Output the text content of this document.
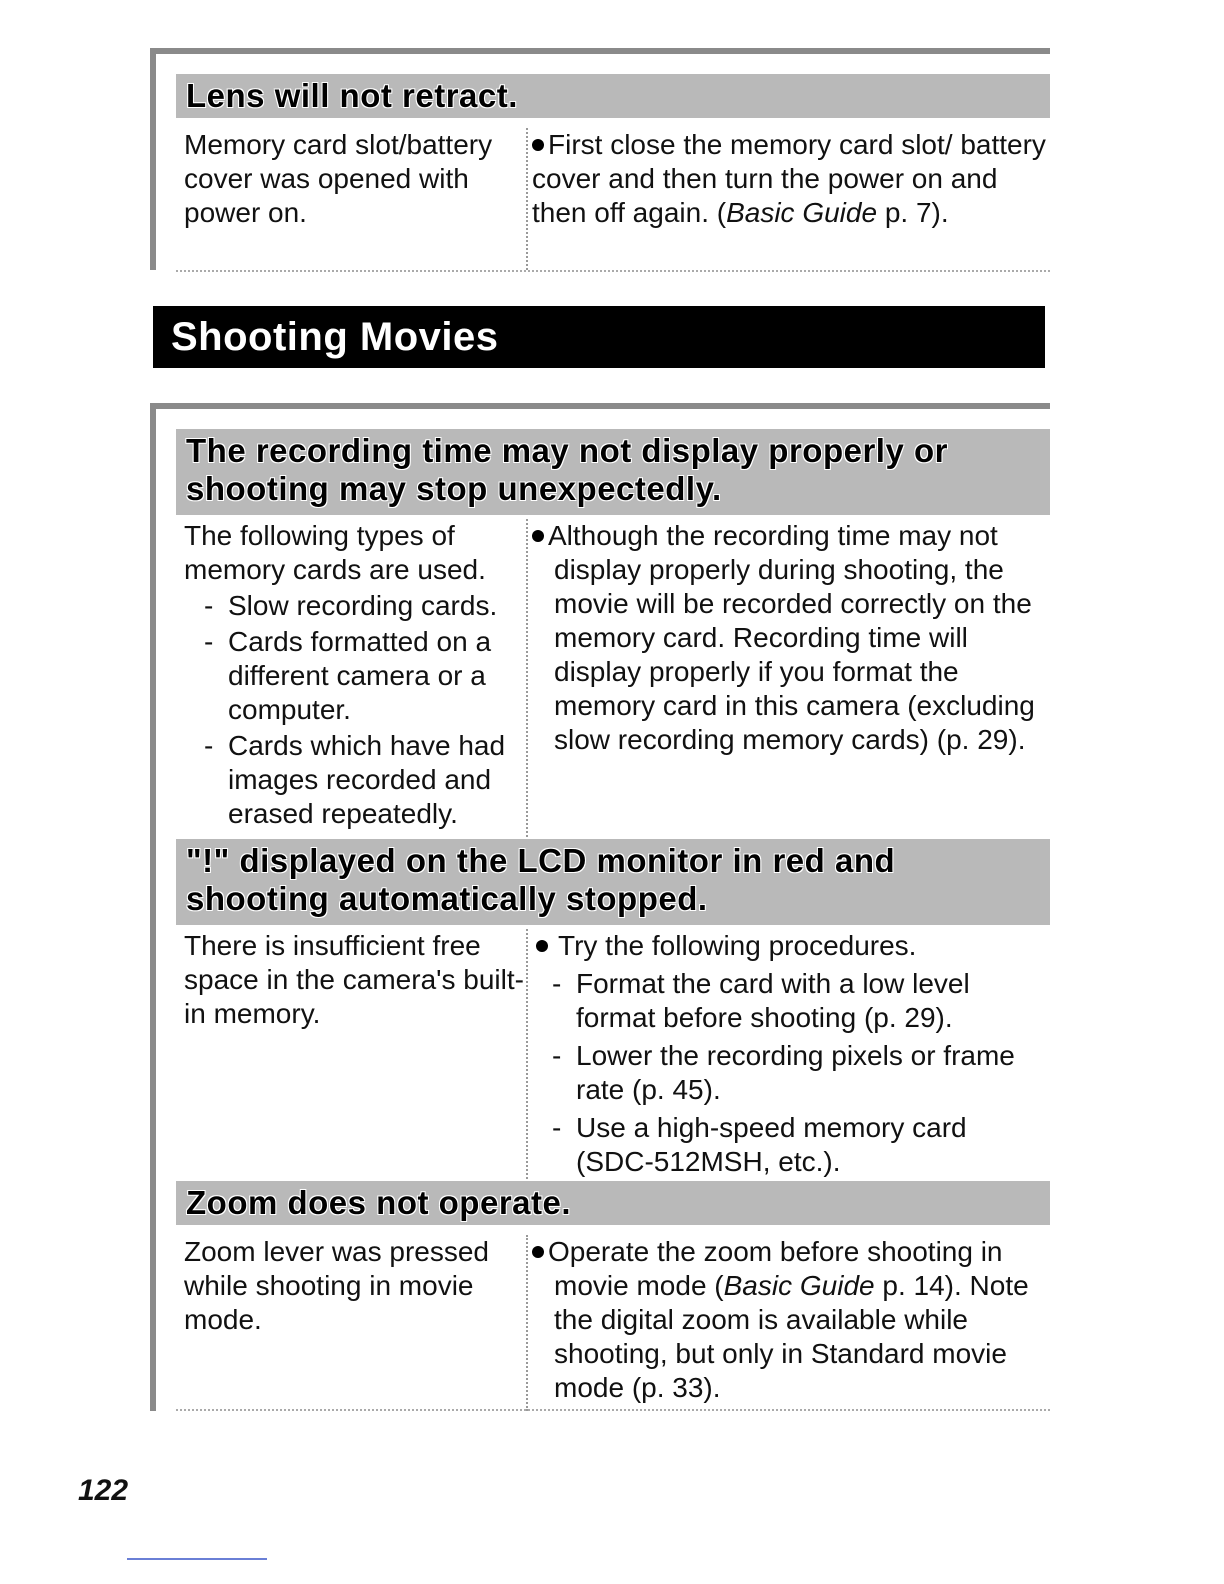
Lens will not retract.
Memory card slot/battery cover was opened with power on.
First close the memory card slot/ battery cover and then turn the power on and then off again. (Basic Guide p. 7).
Shooting Movies
The recording time may not display properly or shooting may stop unexpectedly.
The following types of memory cards are used.
- Slow recording cards.
- Cards formatted on a different camera or a computer.
- Cards which have had images recorded and erased repeatedly.
Although the recording time may not display properly during shooting, the movie will be recorded correctly on the memory card. Recording time will display properly if you format the memory card in this camera (excluding slow recording memory cards) (p. 29).
"!" displayed on the LCD monitor in red and shooting automatically stopped.
There is insufficient free space in the camera's built-in memory.
Try the following procedures.
- Format the card with a low level format before shooting (p. 29).
- Lower the recording pixels or frame rate (p. 45).
- Use a high-speed memory card (SDC-512MSH, etc.).
Zoom does not operate.
Zoom lever was pressed while shooting in movie mode.
Operate the zoom before shooting in movie mode (Basic Guide p. 14). Note the digital zoom is available while shooting, but only in Standard movie mode (p. 33).
122
